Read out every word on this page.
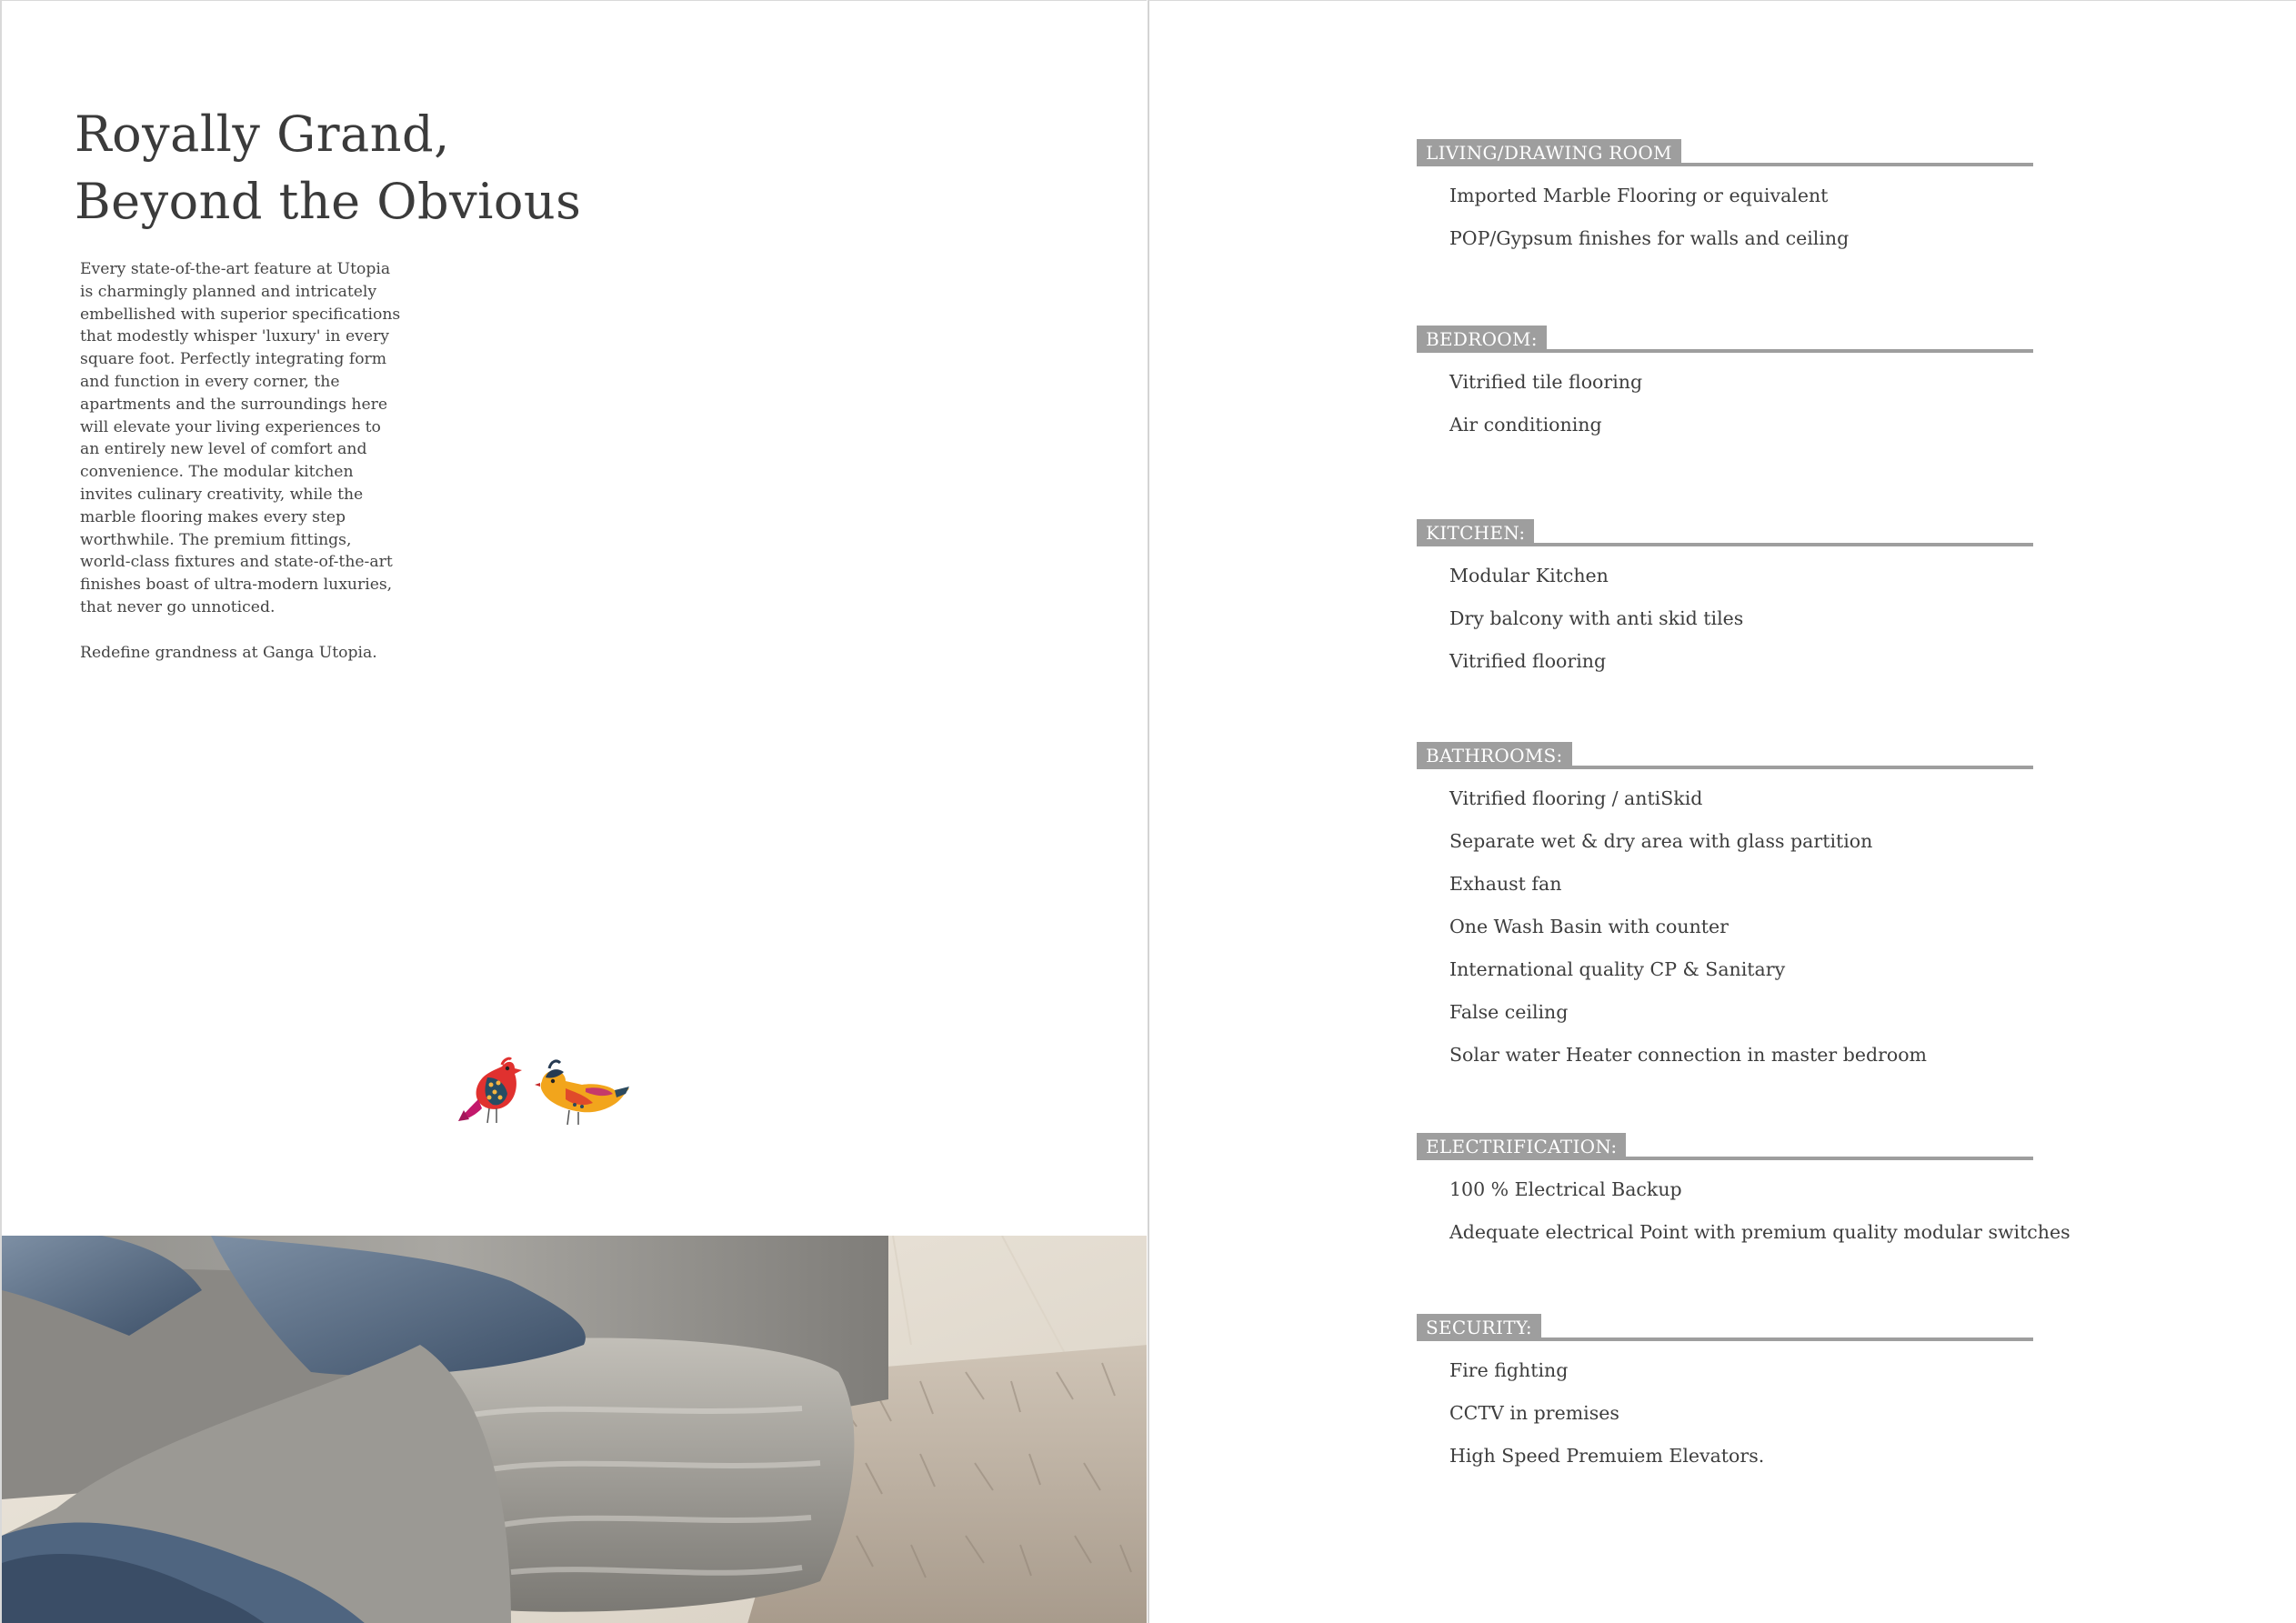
Royally Grand,
Beyond the Obvious

Every state-of-the-art feature at Utopia is charmingly planned and intricately embellished with superior specifications that modestly whisper 'luxury' in every square foot. Perfectly integrating form and function in every corner, the apartments and the surroundings here will elevate your living experiences to an entirely new level of comfort and convenience. The modular kitchen invites culinary creativity, while the marble flooring makes every step worthwhile. The premium fittings, world-class fixtures and state-of-the-art finishes boast of ultra-modern luxuries, that never go unnoticed.

Redefine grandness at Ganga Utopia.

LIVING/DRAWING ROOM
Imported Marble Flooring or equivalent
POP/Gypsum finishes for walls and ceiling
BEDROOM:
Vitrified tile flooring
Air conditioning
KITCHEN:
Modular Kitchen
Dry balcony with anti skid tiles
Vitrified flooring
BATHROOMS:
Vitrified flooring / antiSkid
Separate wet & dry area with glass partition
Exhaust fan
One Wash Basin with counter
International quality CP & Sanitary
False ceiling
Solar water Heater connection in master bedroom
ELECTRIFICATION:
100 % Electrical Backup
Adequate electrical Point with premium quality modular switches
SECURITY:
Fire fighting
CCTV in premises
High Speed Premuiem Elevators.
